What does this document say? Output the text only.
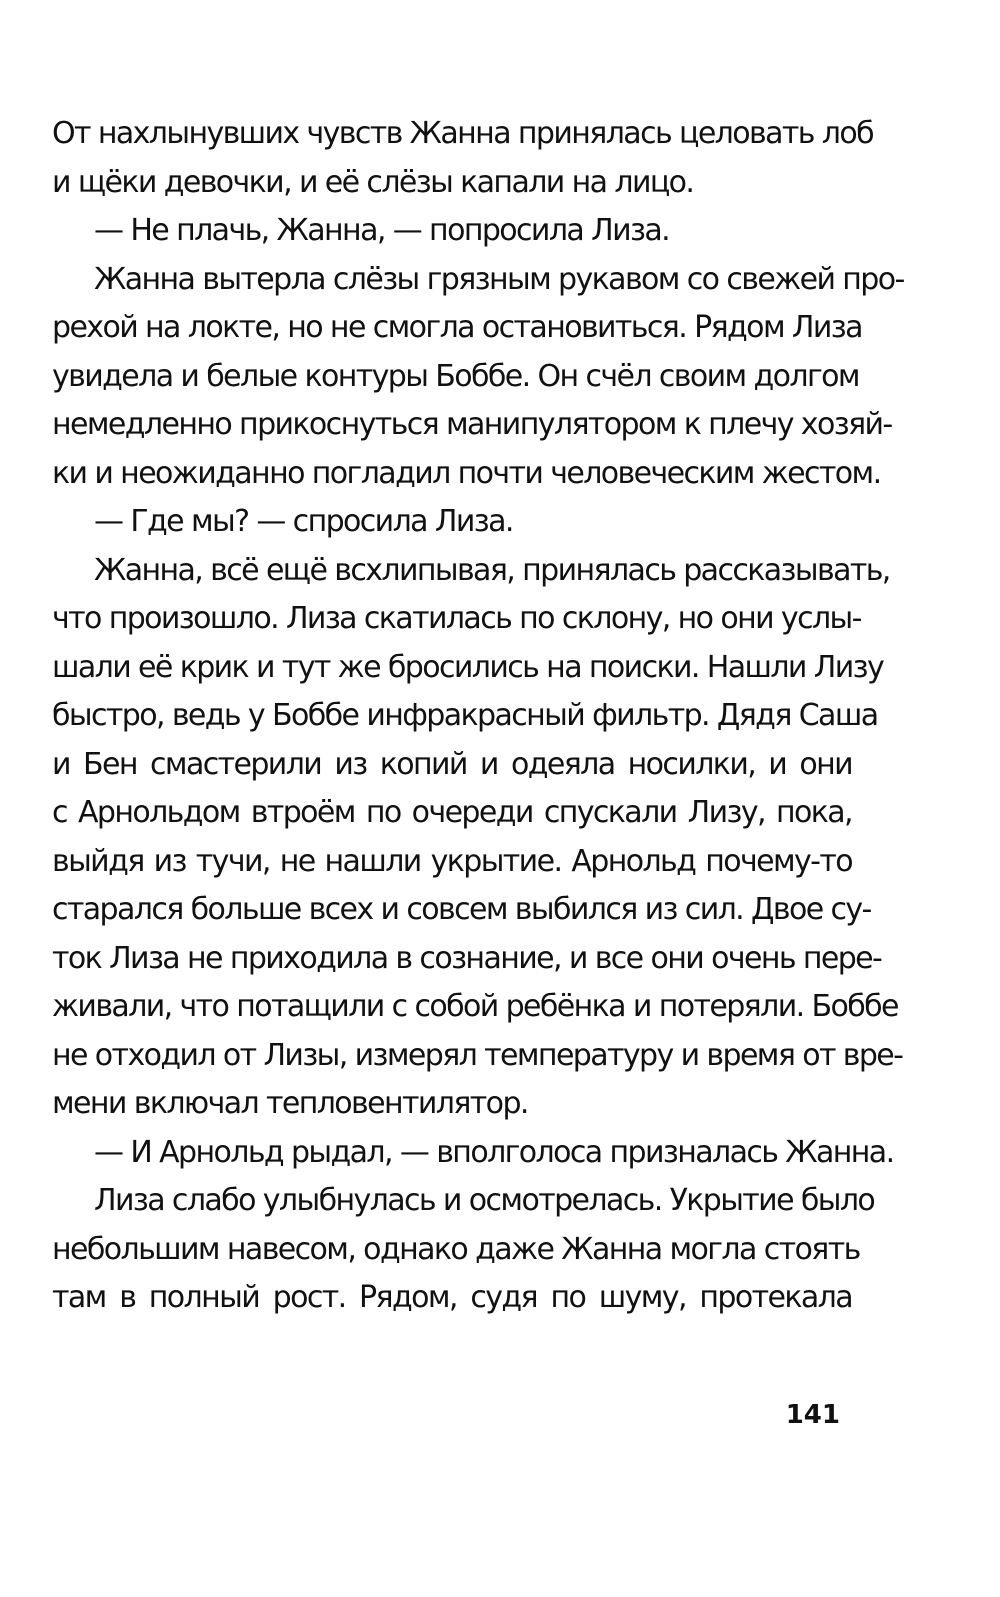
От нахлынувших чувств Жанна принялась целовать лоб
и щёки девочки, и её слёзы капали на лицо.
— Не плачь, Жанна, — попросила Лиза.
Жанна вытерла слёзы грязным рукавом со свежей про-
рехой на локте, но не смогла остановиться. Рядом Лиза
увидела и белые контуры Боббе. Он счёл своим долгом
немедленно прикоснуться манипулятором к плечу хозяй-
ки и неожиданно погладил почти человеческим жестом.
— Где мы? — спросила Лиза.
Жанна, всё ещё всхлипывая, принялась рассказывать,
что произошло. Лиза скатилась по склону, но они услы-
шали её крик и тут же бросились на поиски. Нашли Лизу
быстро, ведь у Боббе инфракрасный фильтр. Дядя Саша
и Бен смастерили из копий и одеяла носилки, и они
с Арнольдом втроём по очереди спускали Лизу, пока,
выйдя из тучи, не нашли укрытие. Арнольд почему-то
старался больше всех и совсем выбился из сил. Двое су-
ток Лиза не приходила в сознание, и все они очень пере-
живали, что потащили с собой ребёнка и потеряли. Боббе
не отходил от Лизы, измерял температуру и время от вре-
мени включал тепловентилятор.
— И Арнольд рыдал, — вполголоса призналась Жанна.
Лиза слабо улыбнулась и осмотрелась. Укрытие было
небольшим навесом, однако даже Жанна могла стоять
там в полный рост. Рядом, судя по шуму, протекала
141
